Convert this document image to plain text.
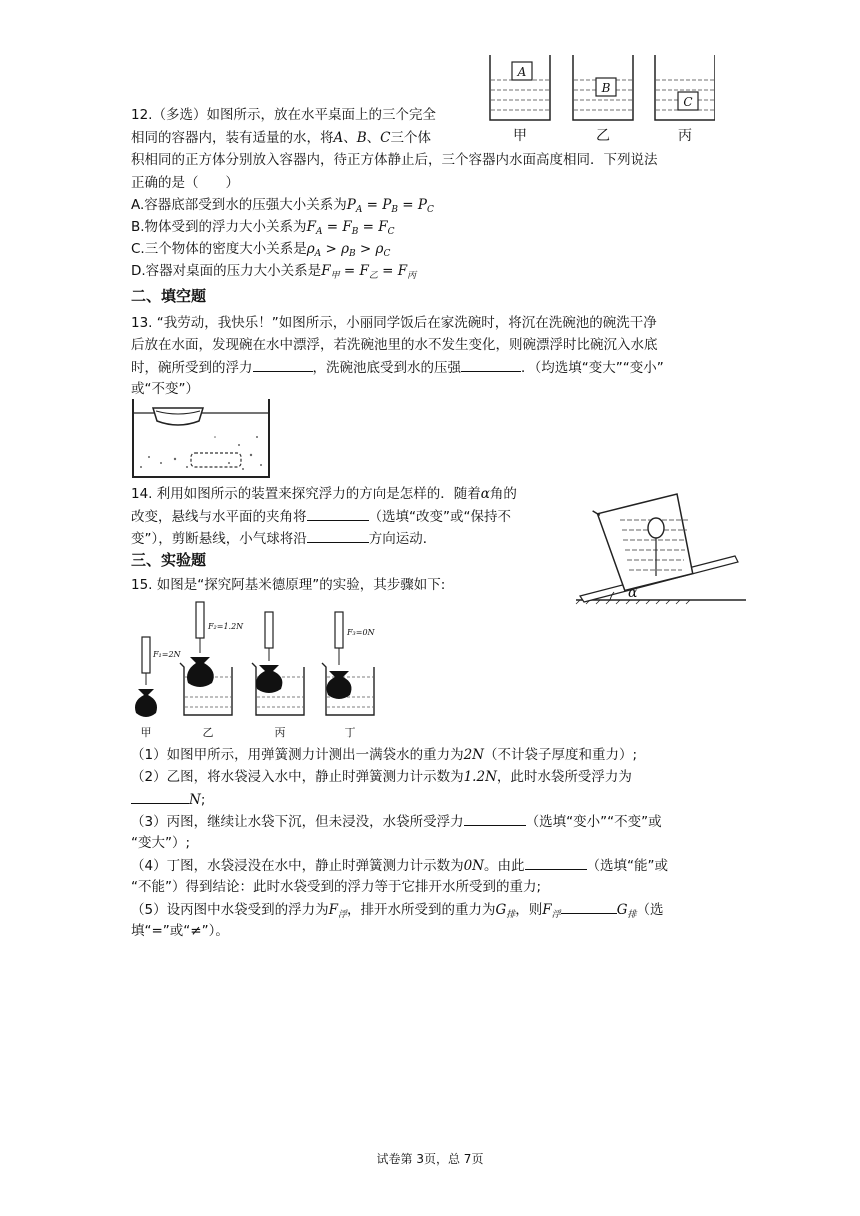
A
B
C
甲	乙	丙
12.（多选）如图所示，放在水平桌面上的三个完全
相同的容器内，装有适量的水，将A、B、C三个体
积相同的正方体分别放入容器内，待正方体静止后，三个容器内水面高度相同．下列说法
正确的是（　　）
A.容器底部受到水的压强大小关系为$P_A = P_B = P_C$
B.物体受到的浮力大小关系为$F_A = F_B = F_C$
C.三个物体的密度大小关系是$\rho_A > \rho_B > \rho_C$
D.容器对桌面的压力大小关系是$F_甲 = F_乙 = F_丙$
二、填空题
13. “我劳动，我快乐！”如图所示，小丽同学饭后在家洗碗时，将沉在洗碗池的碗洗干净
后放在水面，发现碗在水中漂浮，若洗碗池里的水不发生变化，则碗漂浮时比碗沉入水底
时，碗所受到的浮力	，洗碗池底受到水的压强	．（均选填“变大”“变小”
或“不变”）
14. 利用如图所示的装置来探究浮力的方向是怎样的．随着α角的
改变，悬线与水平面的夹角将	（选填“改变”或“保持不
变”），剪断悬线，小气球将沿	方向运动．
α
三、实验题
15. 如图是“探究阿基米德原理”的实验，其步骤如下:
F₁=2N
F₂=1.2N
F₃=0N
甲	乙	丙	丁
（1）如图甲所示，用弹簧测力计测出一满袋水的重力为2N（不计袋子厚度和重力）;
（2）乙图，将水袋浸入水中，静止时弹簧测力计示数为1.2N，此时水袋所受浮力为
N;
（3）丙图，继续让水袋下沉，但未浸没，水袋所受浮力	（选填“变小”“不变”或
“变大”）;
（4）丁图，水袋浸没在水中，静止时弹簧测力计示数为0N。由此	（选填“能”或
“不能”）得到结论：此时水袋受到的浮力等于它排开水所受到的重力;
（5）设丙图中水袋受到的浮力为$F_浮$，排开水所受到的重力为$G_排$，则$F_浮$	$G_排$（选
填“=”或“≠”）。
试卷第 3页，总 7页
